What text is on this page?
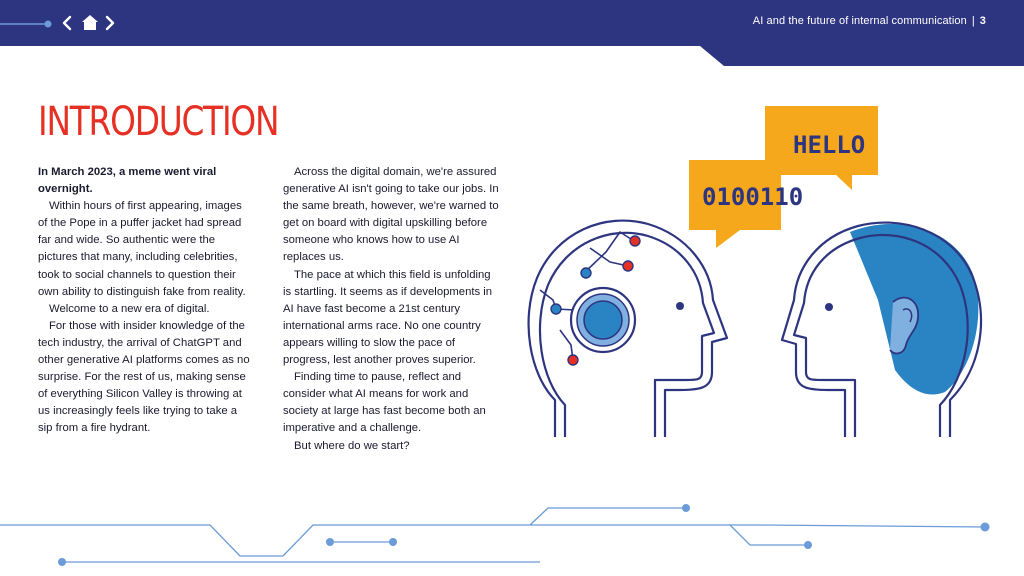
AI and the future of internal communication | 3
INTRODUCTION

In March 2023, a meme went viral overnight.

Within hours of first appearing, images of the Pope in a puffer jacket had spread far and wide. So authentic were the pictures that many, including celebrities, took to social channels to question their own ability to distinguish fake from reality.

Welcome to a new era of digital.

For those with insider knowledge of the tech industry, the arrival of ChatGPT and other generative AI platforms comes as no surprise. For the rest of us, making sense of everything Silicon Valley is throwing at us increasingly feels like trying to take a sip from a fire hydrant.

Across the digital domain, we're assured generative AI isn't going to take our jobs. In the same breath, however, we're warned to get on board with digital upskilling before someone who knows how to use AI replaces us.

The pace at which this field is unfolding is startling. It seems as if developments in AI have fast become a 21st century international arms race. No one country appears willing to slow the pace of progress, lest another proves superior.

Finding time to pause, reflect and consider what AI means for work and society at large has fast become both an imperative and a challenge.

But where do we start?

0100110
HELLO
